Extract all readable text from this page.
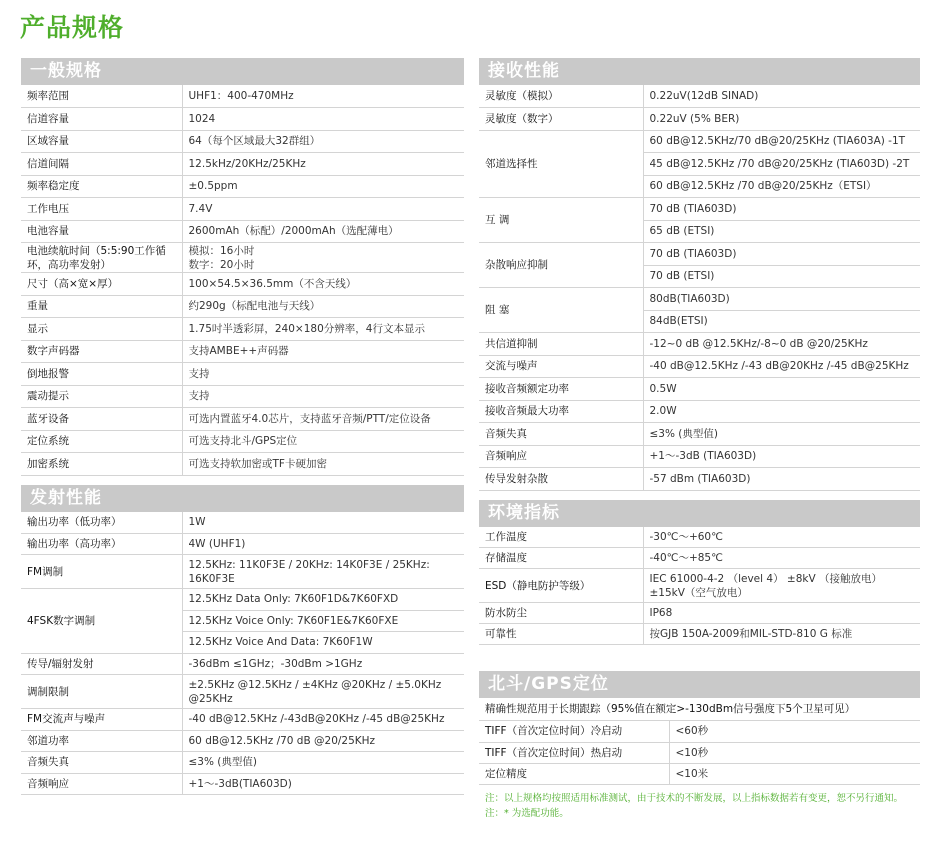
产品规格
一般规格
频率范围	UHF1：400-470MHz
信道容量	1024
区域容量	64（每个区域最大32群组）
信道间隔	12.5kHz/20KHz/25KHz
频率稳定度	±0.5ppm
工作电压	7.4V
电池容量	2600mAh（标配）/2000mAh（选配薄电）
电池续航时间（5:5:90工作循环，高功率发射）	模拟：16小时
数字：20小时

尺寸（高×宽×厚）	100×54.5×36.5mm（不含天线）
重量	约290g（标配电池与天线）
显示	1.75吋半透彩屏，240×180分辨率，4行文本显示
数字声码器	支持AMBE++声码器
倒地报警	支持
震动提示	支持
蓝牙设备	可选内置蓝牙4.0芯片，支持蓝牙音频/PTT/定位设备
定位系统	可选支持北斗/GPS定位
加密系统	可选支持软加密或TF卡硬加密
发射性能
输出功率（低功率）	1W
输出功率（高功率）	4W (UHF1)
FM调制	12.5KHz: 11K0F3E / 20KHz: 14K0F3E / 25KHz: 16K0F3E
4FSK数字调制	12.5KHz Data Only: 7K60F1D&7K60FXD
	12.5KHz Voice Only: 7K60F1E&7K60FXE
	12.5KHz Voice And Data: 7K60F1W
传导/辐射发射	-36dBm ≤1GHz；-30dBm >1GHz
调制限制	±2.5KHz @12.5KHz / ±4KHz @20KHz / ±5.0KHz @25KHz
FM交流声与噪声	-40 dB@12.5KHz /-43dB@20KHz /-45 dB@25KHz
邻道功率	60 dB@12.5KHz /70 dB @20/25KHz
音频失真	≤3% (典型值)
音频响应	+1～-3dB(TIA603D)
接收性能
灵敏度（模拟）	0.22uV(12dB SINAD)
灵敏度（数字）	0.22uV (5% BER)
邻道选择性	60 dB@12.5KHz/70 dB@20/25KHz (TIA603A) -1T
	45 dB@12.5KHz /70 dB@20/25KHz (TIA603D) -2T
	60 dB@12.5KHz /70 dB@20/25KHz（ETSI）
互 调	70 dB (TIA603D)
	65 dB (ETSI)
杂散响应抑制	70 dB (TIA603D)
	70 dB (ETSI)
阻 塞	80dB(TIA603D)
	84dB(ETSI)
共信道抑制	-12~0 dB @12.5KHz/-8~0 dB @20/25KHz
交流与噪声	-40 dB@12.5KHz /-43 dB@20KHz /-45 dB@25KHz
接收音频额定功率	0.5W
接收音频最大功率	2.0W
音频失真	≤3% (典型值)
音频响应	+1～-3dB (TIA603D)
传导发射杂散	-57 dBm (TIA603D)
环境指标
工作温度	-30℃～+60℃
存储温度	-40℃～+85℃
ESD（静电防护等级）	IEC 61000-4-2 （level 4） ±8kV （接触放电） ±15kV（空气放电）
防水防尘	IP68
可靠性	按GJB 150A-2009和MIL-STD-810 G 标准
北斗/GPS定位
精确性规范用于长期跟踪（95%值在额定>-130dBm信号强度下5个卫星可见）
TIFF（首次定位时间）冷启动	<60秒
TIFF（首次定位时间）热启动	<10秒
定位精度	<10米
注：以上规格均按照适用标准测试，由于技术的不断发展，以上指标数据若有变更，恕不另行通知。
注：* 为选配功能。
